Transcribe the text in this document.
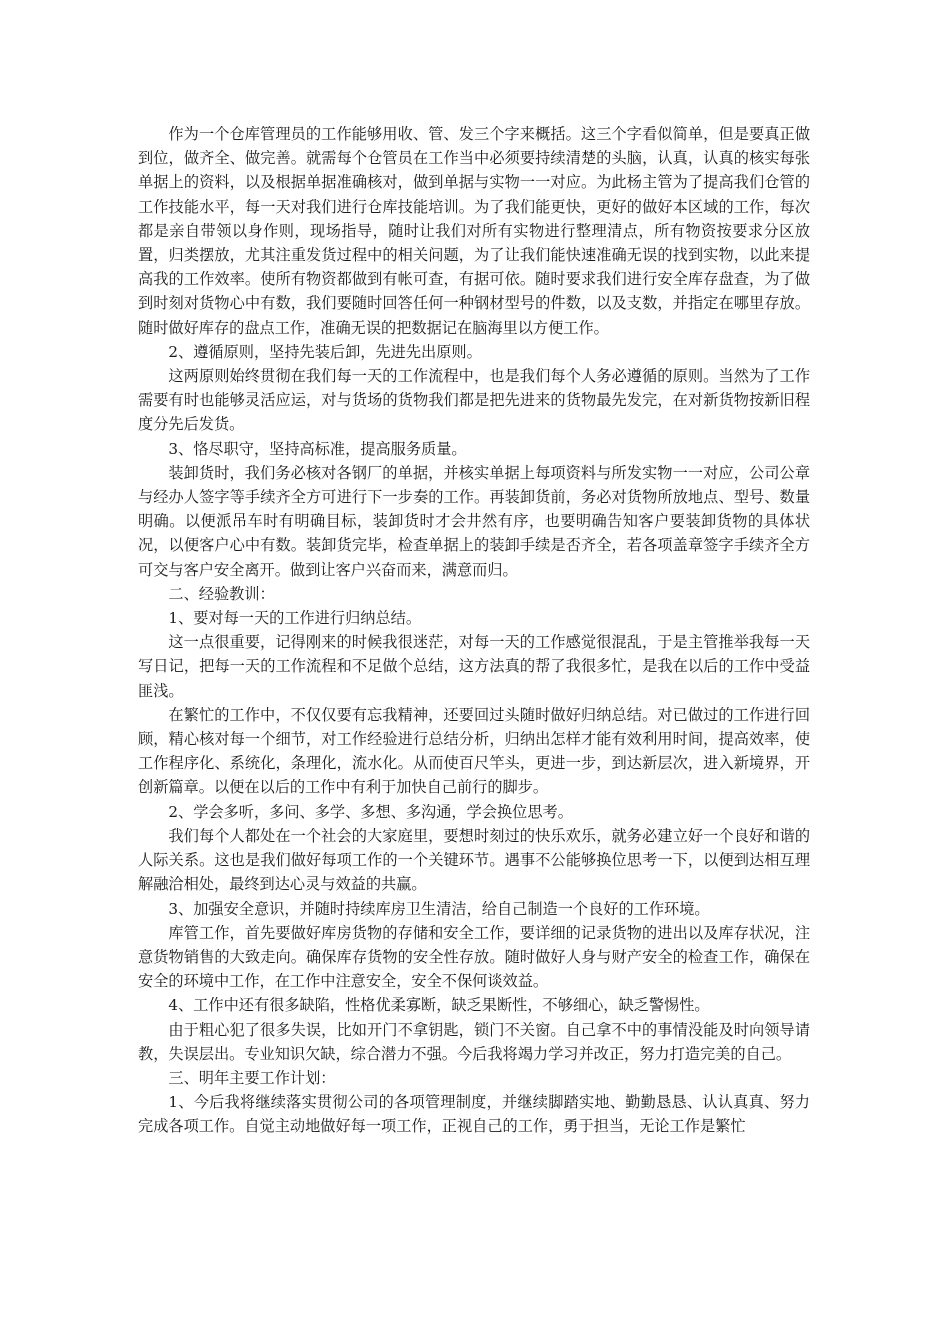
作为一个仓库管理员的工作能够用收、管、发三个字来概括。这三个字看似简单，但是要真正做到位，做齐全、做完善。就需每个仓管员在工作当中必须要持续清楚的头脑，认真，认真的核实每张单据上的资料，以及根据单据准确核对，做到单据与实物一一对应。为此杨主管为了提高我们仓管的工作技能水平，每一天对我们进行仓库技能培训。为了我们能更快，更好的做好本区域的工作，每次都是亲自带领以身作则，现场指导，随时让我们对所有实物进行整理清点，所有物资按要求分区放置，归类摆放，尤其注重发货过程中的相关问题，为了让我们能快速准确无误的找到实物，以此来提高我的工作效率。使所有物资都做到有帐可查，有据可依。随时要求我们进行安全库存盘查，为了做到时刻对货物心中有数，我们要随时回答任何一种钢材型号的件数，以及支数，并指定在哪里存放。随时做好库存的盘点工作，准确无误的把数据记在脑海里以方便工作。

2、遵循原则，坚持先装后卸，先进先出原则。

这两原则始终贯彻在我们每一天的工作流程中，也是我们每个人务必遵循的原则。当然为了工作需要有时也能够灵活应运，对与货场的货物我们都是把先进来的货物最先发完，在对新货物按新旧程度分先后发货。

3、恪尽职守，坚持高标准，提高服务质量。

装卸货时，我们务必核对各钢厂的单据，并核实单据上每项资料与所发实物一一对应，公司公章与经办人签字等手续齐全方可进行下一步奏的工作。再装卸货前，务必对货物所放地点、型号、数量明确。以便派吊车时有明确目标，装卸货时才会井然有序，也要明确告知客户要装卸货物的具体状况，以便客户心中有数。装卸货完毕，检查单据上的装卸手续是否齐全，若各项盖章签字手续齐全方可交与客户安全离开。做到让客户兴奋而来，满意而归。

二、经验教训：

1、要对每一天的工作进行归纳总结。

这一点很重要，记得刚来的时候我很迷茫，对每一天的工作感觉很混乱，于是主管推举我每一天写日记，把每一天的工作流程和不足做个总结，这方法真的帮了我很多忙，是我在以后的工作中受益匪浅。

在繁忙的工作中，不仅仅要有忘我精神，还要回过头随时做好归纳总结。对已做过的工作进行回顾，精心核对每一个细节，对工作经验进行总结分析，归纳出怎样才能有效利用时间，提高效率，使工作程序化、系统化，条理化，流水化。从而使百尺竿头，更进一步，到达新层次，进入新境界，开创新篇章。以便在以后的工作中有利于加快自己前行的脚步。

2、学会多听，多问、多学、多想、多沟通，学会换位思考。

我们每个人都处在一个社会的大家庭里，要想时刻过的快乐欢乐，就务必建立好一个良好和谐的人际关系。这也是我们做好每项工作的一个关键环节。遇事不公能够换位思考一下，以便到达相互理解融洽相处，最终到达心灵与效益的共赢。

3、加强安全意识，并随时持续库房卫生清洁，给自己制造一个良好的工作环境。

库管工作，首先要做好库房货物的存储和安全工作，要详细的记录货物的进出以及库存状况，注意货物销售的大致走向。确保库存货物的安全性存放。随时做好人身与财产安全的检查工作，确保在安全的环境中工作，在工作中注意安全，安全不保何谈效益。

4、工作中还有很多缺陷，性格优柔寡断，缺乏果断性，不够细心，缺乏警惕性。

由于粗心犯了很多失误，比如开门不拿钥匙，锁门不关窗。自己拿不中的事情没能及时向领导请教，失误层出。专业知识欠缺，综合潜力不强。今后我将竭力学习并改正，努力打造完美的自己。

三、明年主要工作计划：

1、今后我将继续落实贯彻公司的各项管理制度，并继续脚踏实地、勤勤恳恳、认认真真、努力完成各项工作。自觉主动地做好每一项工作，正视自己的工作，勇于担当，无论工作是繁忙
